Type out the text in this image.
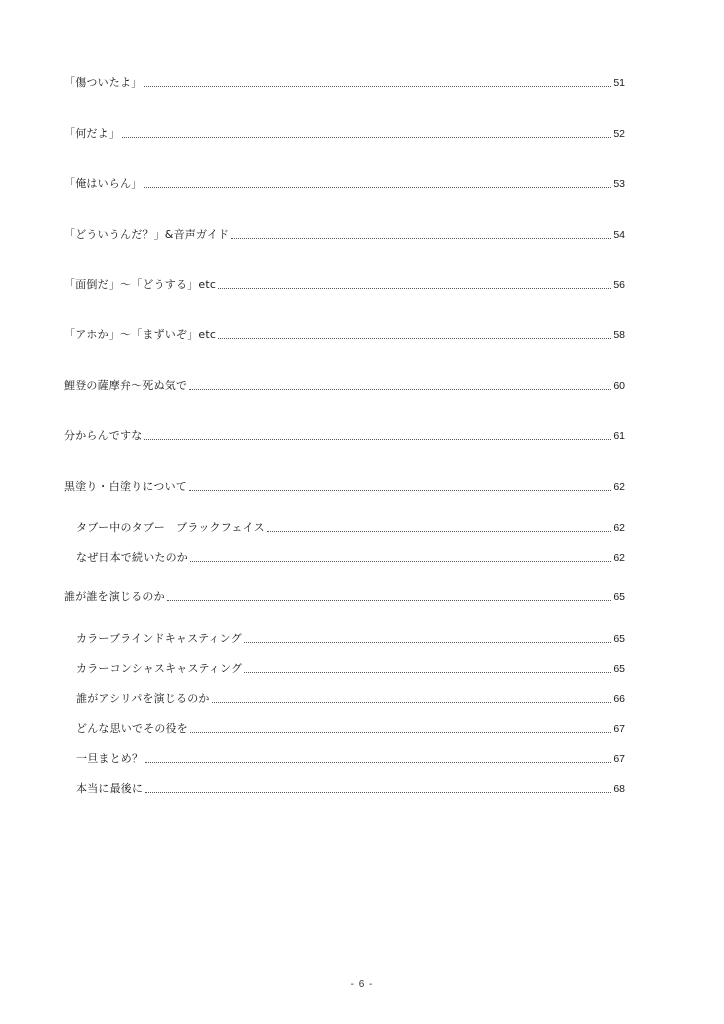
「傷ついたよ」	51
「何だよ」	52
「俺はいらん」	53
「どういうんだ？」&音声ガイド	54
「面倒だ」～「どうする」etc	56
「アホか」～「まずいぞ」etc	58
鯉登の薩摩弁～死ぬ気で	60
分からんですな	61
黒塗り・白塗りについて	62
タブー中のタブー　ブラックフェイス	62
なぜ日本で続いたのか	62
誰が誰を演じるのか	65
カラーブラインドキャスティング	65
カラーコンシャスキャスティング	65
誰がアシリパを演じるのか	66
どんな思いでその役を	67
一旦まとめ？	67
本当に最後に	68
- 6 -
